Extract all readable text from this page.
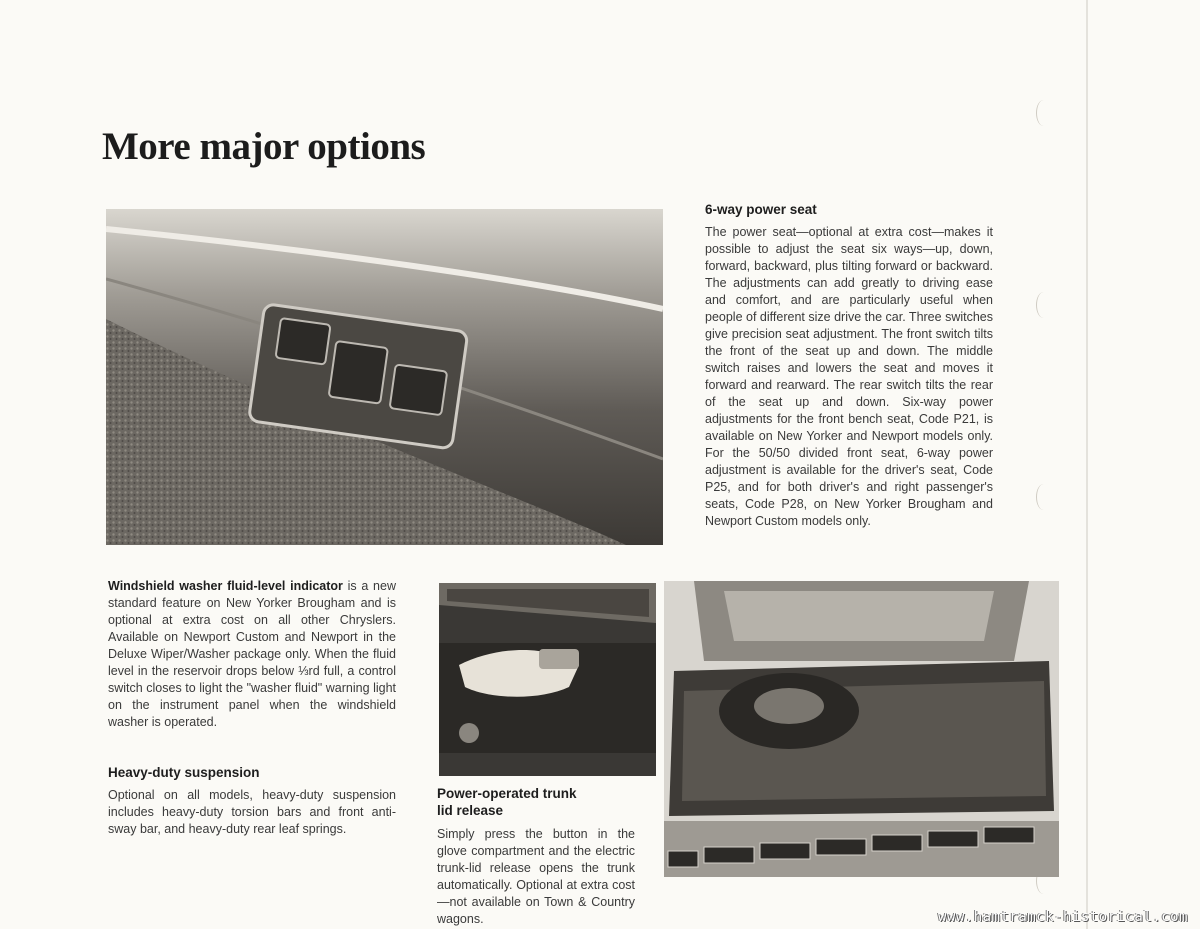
More major options

6-way power seat

The power seat—optional at extra cost—makes it possible to adjust the seat six ways—up, down, forward, backward, plus tilting forward or backward. The adjustments can add greatly to driving ease and comfort, and are particularly useful when people of different size drive the car. Three switches give precision seat adjustment. The front switch tilts the front of the seat up and down. The middle switch raises and lowers the seat and moves it forward and rearward. The rear switch tilts the rear of the seat up and down. Six-way power adjustments for the front bench seat, Code P21, is available on New Yorker and Newport models only. For the 50/50 divided front seat, 6-way power adjustment is available for the driver's seat, Code P25, and for both driver's and right passenger's seats, Code P28, on New Yorker Brougham and Newport Custom models only.

Windshield washer fluid-level indicator is a new standard feature on New Yorker Brougham and is optional at extra cost on all other Chryslers. Available on Newport Custom and Newport in the Deluxe Wiper/Washer package only. When the fluid level in the reservoir drops below ⅓rd full, a control switch closes to light the "washer fluid" warning light on the instrument panel when the windshield washer is operated.

Heavy-duty suspension

Optional on all models, heavy-duty suspension includes heavy-duty torsion bars and front anti-sway bar, and heavy-duty rear leaf springs.

Power-operated trunk
lid release

Simply press the button in the glove compartment and the electric trunk-lid release opens the trunk automatically. Optional at extra cost—not available on Town & Country wagons.	www.hamtramck-historical.com
